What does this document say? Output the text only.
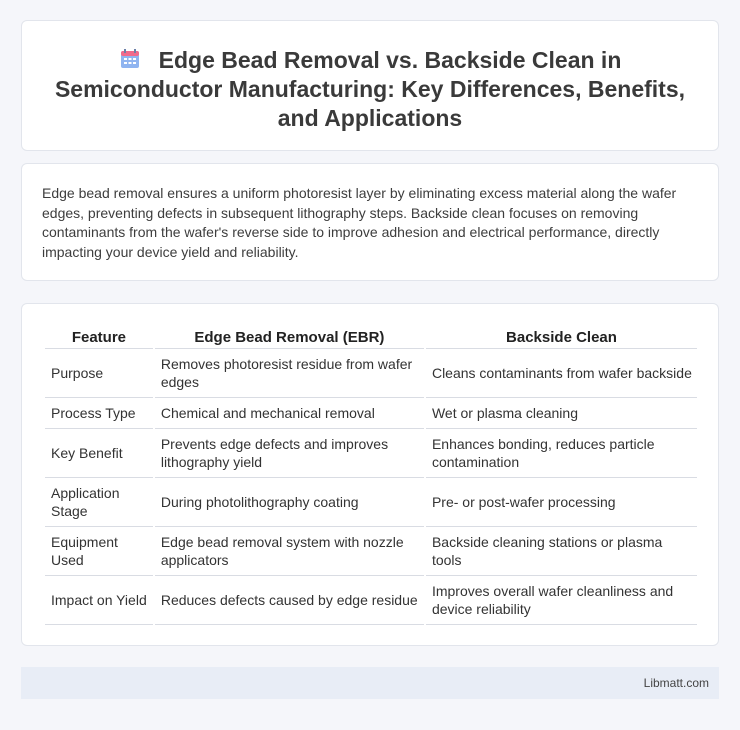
Edge Bead Removal vs. Backside Clean in Semiconductor Manufacturing: Key Differences, Benefits, and Applications

Edge bead removal ensures a uniform photoresist layer by eliminating excess material along the wafer edges, preventing defects in subsequent lithography steps. Backside clean focuses on removing contaminants from the wafer's reverse side to improve adhesion and electrical performance, directly impacting your device yield and reliability.

Feature	Edge Bead Removal (EBR)	Backside Clean
Purpose	Removes photoresist residue from wafer edges	Cleans contaminants from wafer backside
Process Type	Chemical and mechanical removal	Wet or plasma cleaning
Key Benefit	Prevents edge defects and improves lithography yield	Enhances bonding, reduces particle contamination
Application Stage	During photolithography coating	Pre- or post-wafer processing
Equipment Used	Edge bead removal system with nozzle applicators	Backside cleaning stations or plasma tools
Impact on Yield	Reduces defects caused by edge residue	Improves overall wafer cleanliness and device reliability
Libmatt.com
